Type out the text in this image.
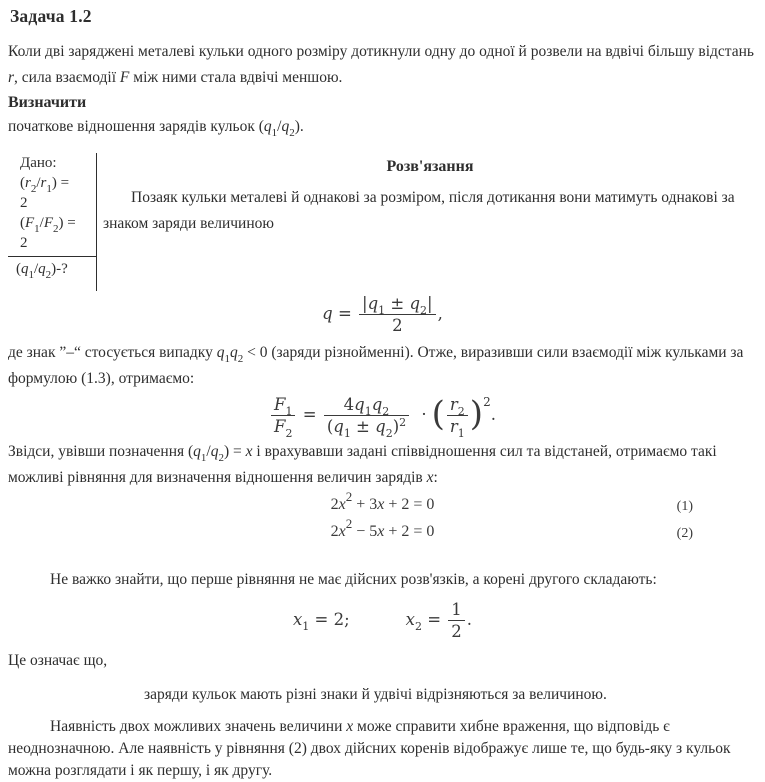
Задача 1.2

Коли дві заряджені металеві кульки одного розміру дотикнули одну до одної й розвели на вдвічі більшу відстань r, сила взаємодії F між ними стала вдвічі меншою.

Визначити

початкове відношення зарядів кульок $(q_1/q_2)$.

Дано:
$(r_2/r_1)$ =
2
$(F_1/F_2)$ =
2
$(q_1/q_2)-$?
Розв'язання

Позаяк кульки металеві й однакові за розміром, після дотикання вони матимуть однакові за знаком заряди величиною

$q = \frac{|q_1 \pm q_2|}{2}$ ,

де знак ”–“ стосується випадку $q_1q_2 < 0$ (заряди різнойменні). Отже, виразивши сили взаємодії між кульками за формулою (1.3), отримаємо:

$\frac{F_1}{F_2} = \frac{4q_1q_2}{(q_1 \pm q_2)^2}$ · ( $\frac{r_2}{r_1} )^2$.

Звідси, увівши позначення $(q_1/q_2) = x$ і врахувавши задані співвідношення сил та відстаней, отримаємо такі можливі рівняння для визначення відношення величин зарядів x:

$2x^2 + 3x + 2 = 0$	(1)
$2x^2 - 5x + 2 = 0$	(2)

Не важко знайти, що перше рівняння не має дійсних розв'язків, а корені другого складають:

$x_1 = 2$;	$x_2 = \frac{1}{2}$ .

Це означає що,

заряди кульок мають різні знаки й удвічі відрізняються за величиною.

Наявність двох можливих значень величини x може справити хибне враження, що відповідь є неоднозначною. Але наявність у рівняння (2) двох дійсних коренів відображує лише те, що будь-яку з кульок можна розглядати і як першу, і як другу.
